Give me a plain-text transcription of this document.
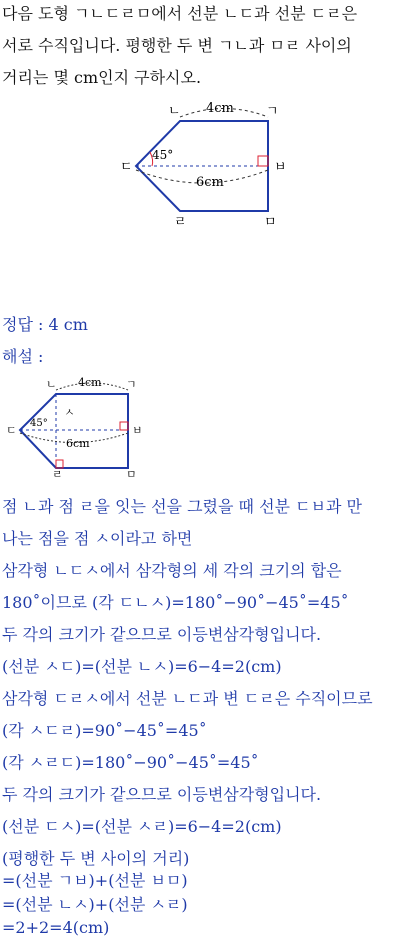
다음 도형 ㄱㄴㄷㄹㅁ에서 선분 ㄴㄷ과 선분 ㄷㄹ은
서로 수직입니다. 평행한 두 변 ㄱㄴ과 ㅁㄹ 사이의
거리는 몇 cm인지 구하시오.
ㄴ	ㄱ
ㄷ	ㅂ
ㄹ	ㅁ
4cm
6cm
45°
정답 : 4 cm
해설 :
ㄴ	ㄱ
ㄷ	ㅂ
ㄹ	ㅁ
ㅅ
4cm
6cm
45°
점 ㄴ과 점 ㄹ을 잇는 선을 그렸을 때 선분 ㄷㅂ과 만
나는 점을 점 ㅅ이라고 하면
삼각형 ㄴㄷㅅ에서 삼각형의 세 각의 크기의 합은
180˚이므로 (각 ㄷㄴㅅ)=180˚−90˚−45˚=45˚
두 각의 크기가 같으므로 이등변삼각형입니다.
(선분 ㅅㄷ)=(선분 ㄴㅅ)=6−4=2(cm)
삼각형 ㄷㄹㅅ에서 선분 ㄴㄷ과 변 ㄷㄹ은 수직이므로
(각 ㅅㄷㄹ)=90˚−45˚=45˚
(각 ㅅㄹㄷ)=180˚−90˚−45˚=45˚
두 각의 크기가 같으므로 이등변삼각형입니다.
(선분 ㄷㅅ)=(선분 ㅅㄹ)=6−4=2(cm)
(평행한 두 변 사이의 거리)
=(선분 ㄱㅂ)+(선분 ㅂㅁ)
=(선분 ㄴㅅ)+(선분 ㅅㄹ)
=2+2=4(cm)
